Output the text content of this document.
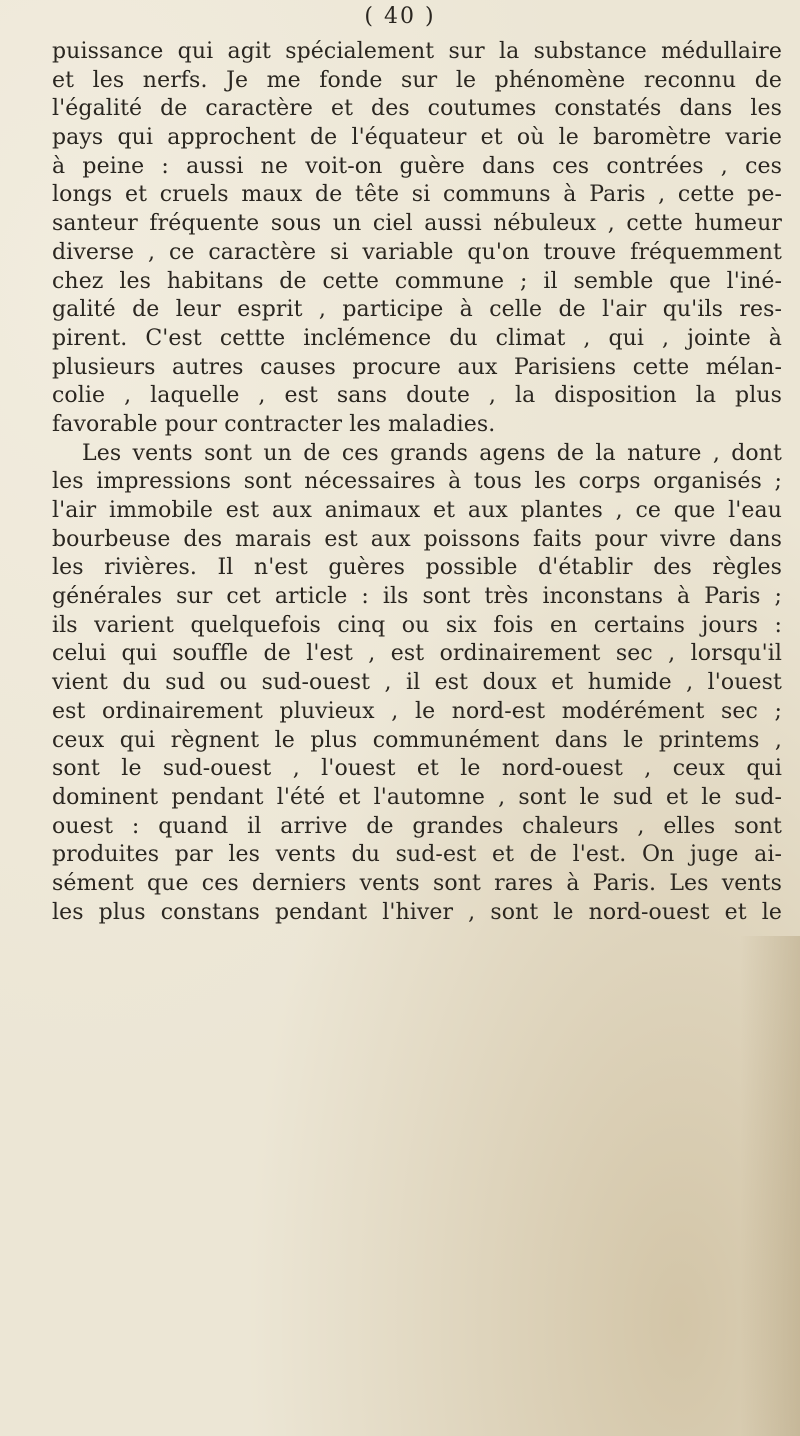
( 40 )
puissance qui agit spécialement sur la substance médullaire
et les nerfs. Je me fonde sur le phénomène reconnu de
l'égalité de caractère et des coutumes constatés dans les
pays qui approchent de l'équateur et où le baromètre varie
à peine : aussi ne voit-on guère dans ces contrées , ces
longs et cruels maux de tête si communs à Paris , cette pe-
santeur fréquente sous un ciel aussi nébuleux , cette humeur
diverse , ce caractère si variable qu'on trouve fréquemment
chez les habitans de cette commune ; il semble que l'iné-
galité de leur esprit , participe à celle de l'air qu'ils res-
pirent. C'est cettte inclémence du climat , qui , jointe à
plusieurs autres causes procure aux Parisiens cette mélan-
colie , laquelle , est sans doute , la disposition la plus
favorable pour contracter les maladies.
Les vents sont un de ces grands agens de la nature , dont
les impressions sont nécessaires à tous les corps organisés ;
l'air immobile est aux animaux et aux plantes , ce que l'eau
bourbeuse des marais est aux poissons faits pour vivre dans
les rivières. Il n'est guères possible d'établir des règles
générales sur cet article : ils sont très inconstans à Paris ;
ils varient quelquefois cinq ou six fois en certains jours :
celui qui souffle de l'est , est ordinairement sec , lorsqu'il
vient du sud ou sud-ouest , il est doux et humide , l'ouest
est ordinairement pluvieux , le nord-est modérément sec ;
ceux qui règnent le plus communément dans le printems ,
sont le sud-ouest , l'ouest et le nord-ouest , ceux qui
dominent pendant l'été et l'automne , sont le sud et le sud-
ouest : quand il arrive de grandes chaleurs , elles sont
produites par les vents du sud-est et de l'est. On juge ai-
sément que ces derniers vents sont rares à Paris. Les vents
les plus constans pendant l'hiver , sont le nord-ouest et le
